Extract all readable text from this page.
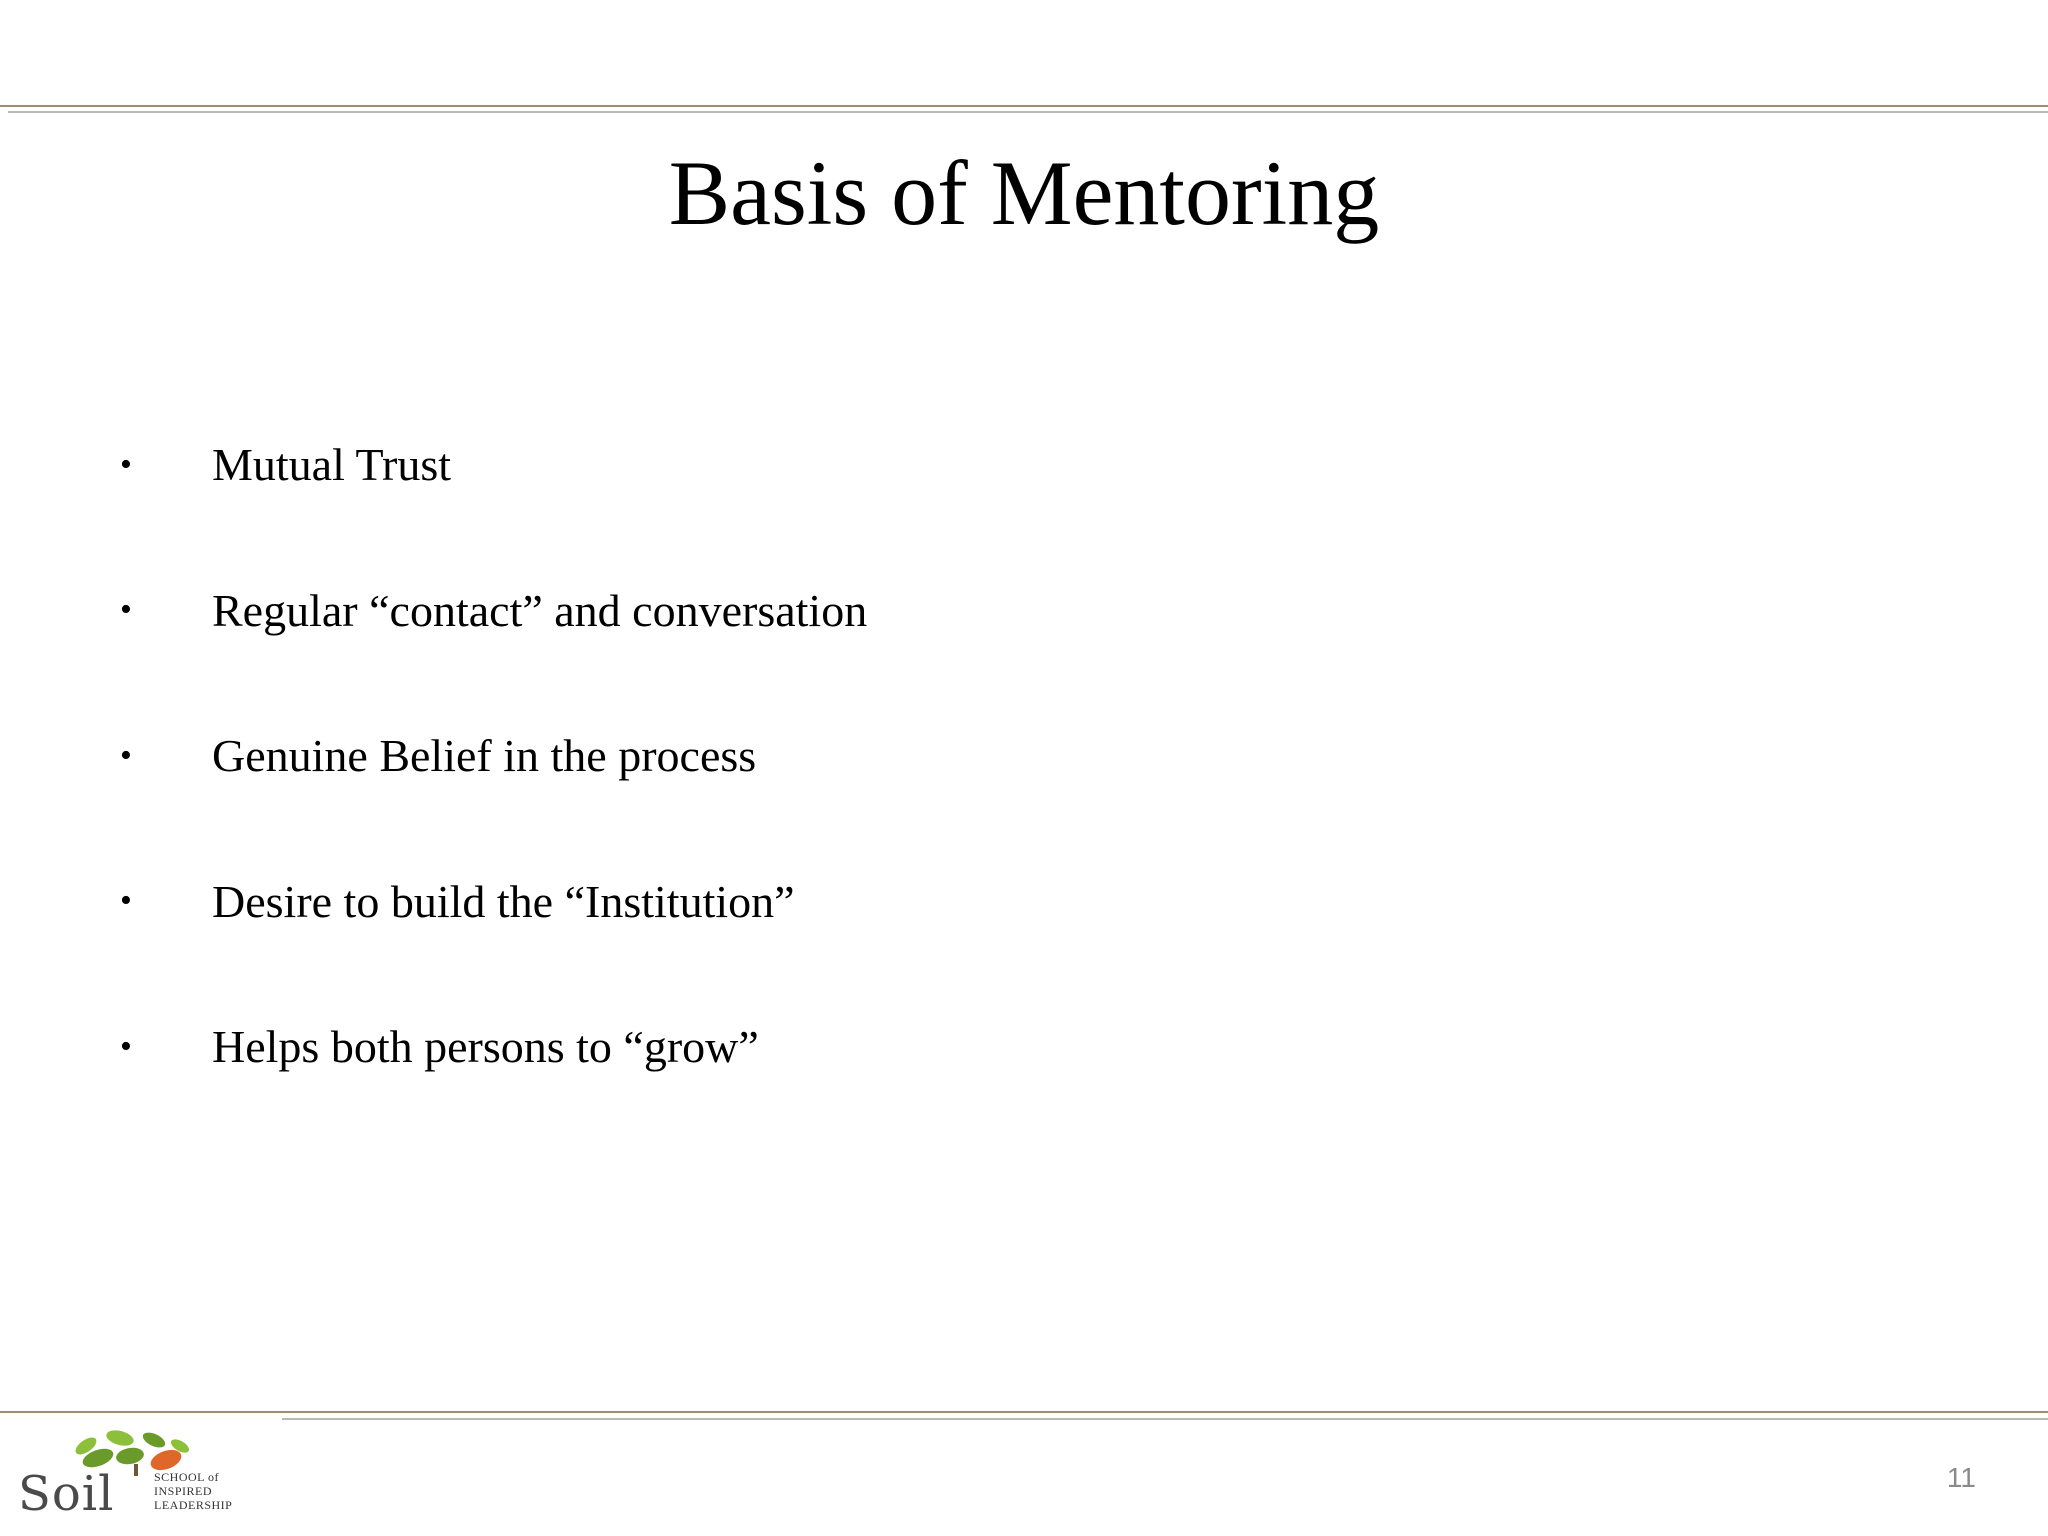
Basis of Mentoring
•	Mutual Trust
•	Regular “contact” and conversation
•	Genuine Belief in the process
•	Desire to build the “Institution”
•	Helps both persons to “grow”
Soil	SCHOOL of
INSPIRED
LEADERSHIP
11
